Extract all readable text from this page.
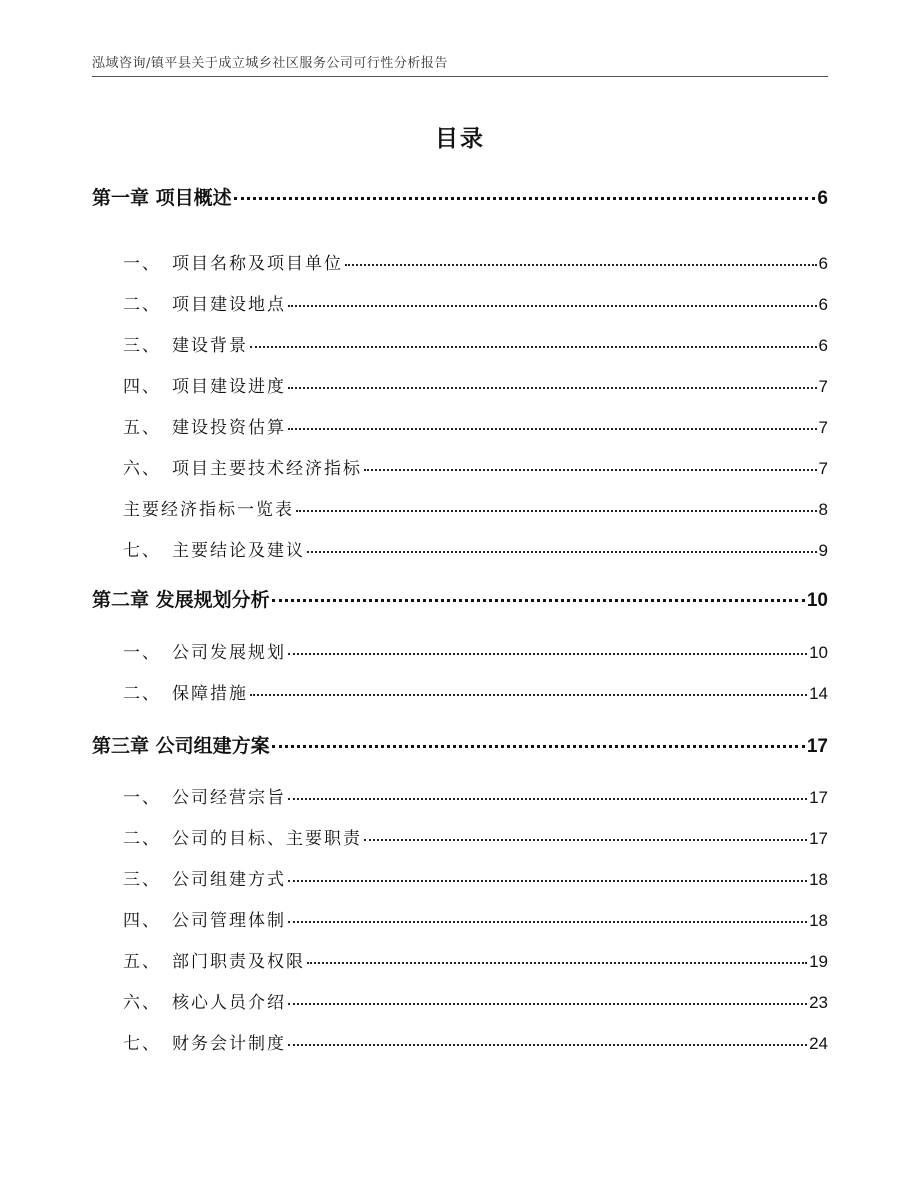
泓域咨询/镇平县关于成立城乡社区服务公司可行性分析报告
目录
第一章 项目概述	6
一、 项目名称及项目单位	6
二、 项目建设地点	6
三、 建设背景	6
四、 项目建设进度	7
五、 建设投资估算	7
六、 项目主要技术经济指标	7
主要经济指标一览表	8
七、 主要结论及建议	9
第二章 发展规划分析	10
一、 公司发展规划	10
二、 保障措施	14
第三章 公司组建方案	17
一、 公司经营宗旨	17
二、 公司的目标、主要职责	17
三、 公司组建方式	18
四、 公司管理体制	18
五、 部门职责及权限	19
六、 核心人员介绍	23
七、 财务会计制度	24
